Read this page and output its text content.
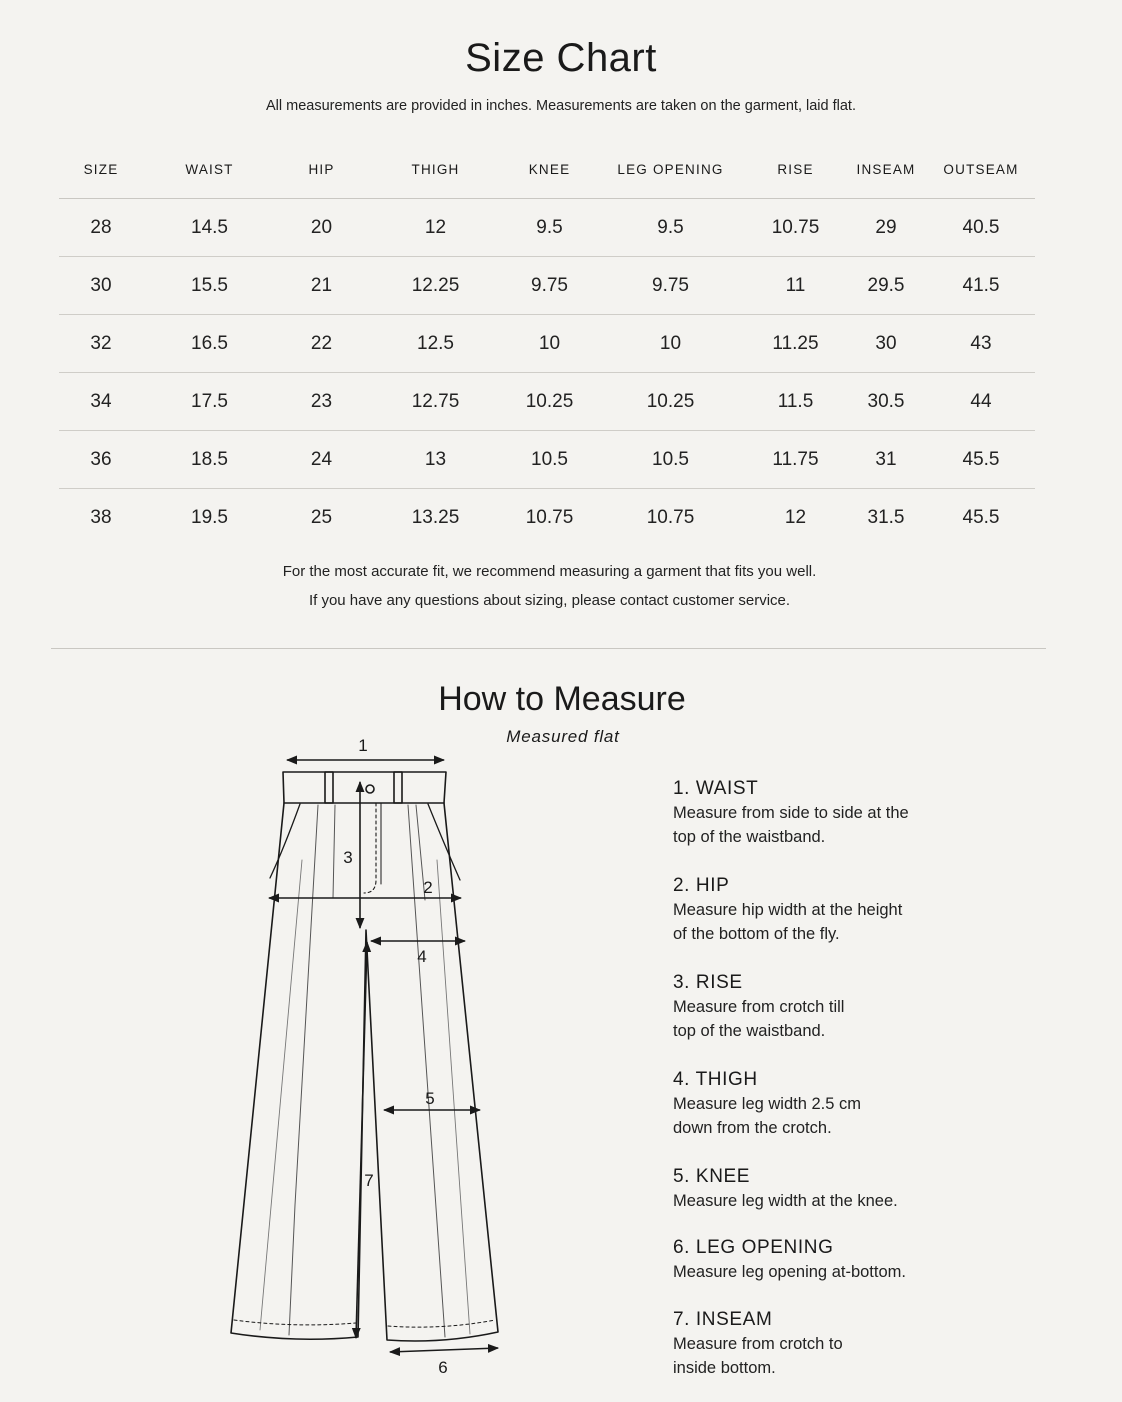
Size Chart
All measurements are provided in inches. Measurements are taken on the garment, laid flat.
SIZE	WAIST	HIP	THIGH	KNEE	LEG OPENING	RISE	INSEAM	OUTSEAM
28	14.5	20	12	9.5	9.5	10.75	29	40.5
30	15.5	21	12.25	9.75	9.75	11	29.5	41.5
32	16.5	22	12.5	10	10	11.25	30	43
34	17.5	23	12.75	10.25	10.25	11.5	30.5	44
36	18.5	24	13	10.5	10.5	11.75	31	45.5
38	19.5	25	13.25	10.75	10.75	12	31.5	45.5
For the most accurate fit, we recommend measuring a garment that fits you well.
If you have any questions about sizing, please contact customer service.
How to Measure
Measured flat
1
2
3
4
5
6
7
1. WAIST
Measure from side to side at the
top of the waistband.
2. HIP
Measure hip width at the height
of the bottom of the fly.
3. RISE
Measure from crotch till
top of the waistband.
4. THIGH
Measure leg width 2.5 cm
down from the crotch.
5. KNEE
Measure leg width at the knee.
6. LEG OPENING
Measure leg opening at-bottom.
7. INSEAM
Measure from crotch to
inside bottom.
